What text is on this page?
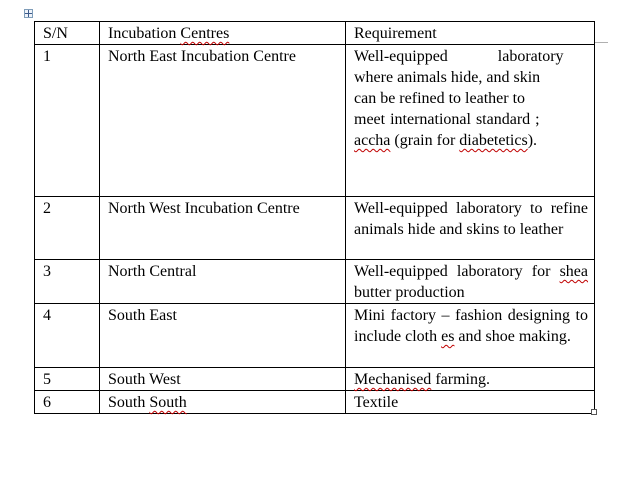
S/N	Incubation Centres	Requirement
1	North East Incubation Centre	Well-equipped laboratory
where animals hide, and skin
can be refined to leather to
meet international standard ;
accha (grain for diabetetics).

2	North West Incubation Centre	Well-equipped laboratory to refine animals hide and skins to leather
3	North Central	Well-equipped laboratory for shea butter production
4	South East	Mini factory – fashion designing to include cloth es and shoe making.
5	South West	Mechanised farming.
6	South South	Textile
